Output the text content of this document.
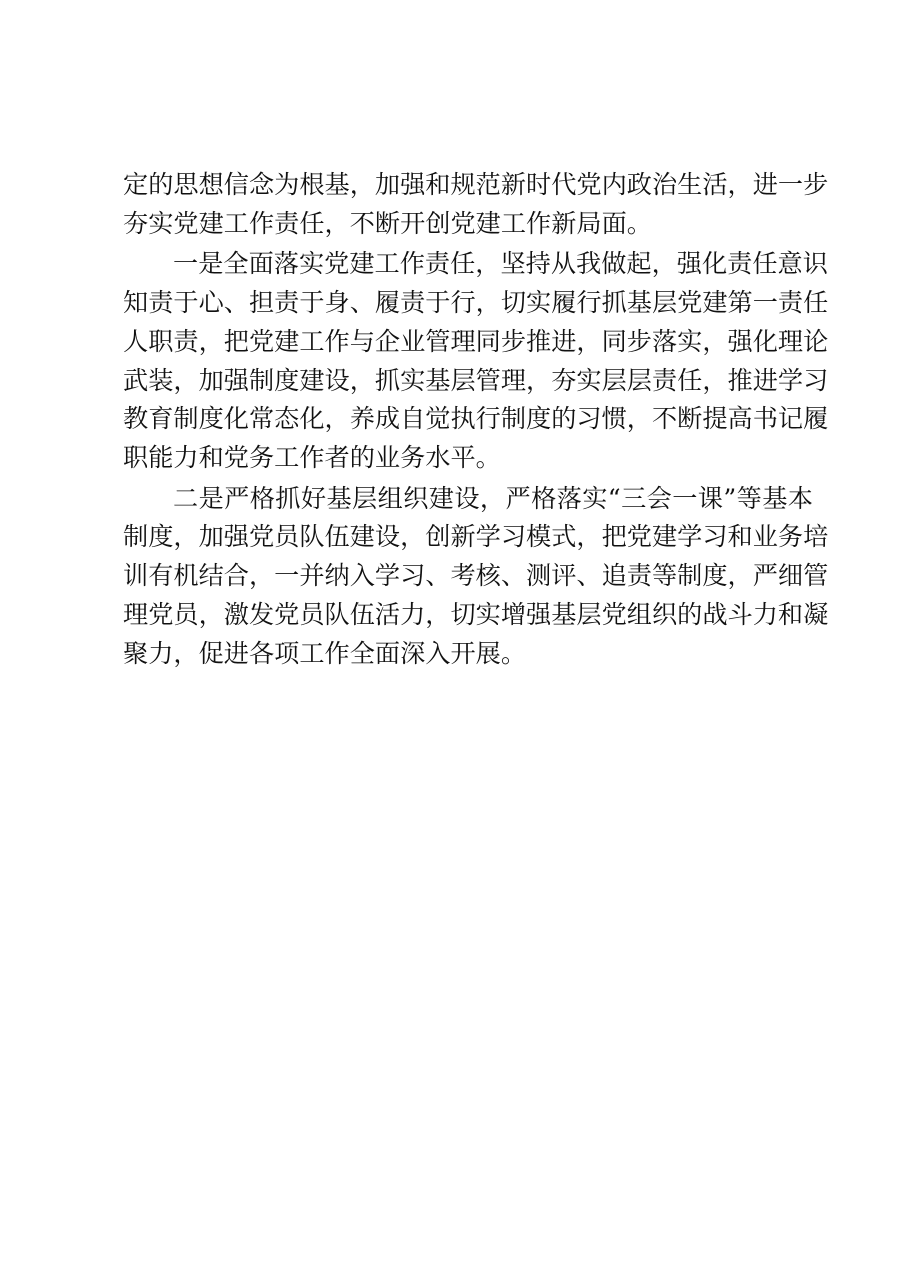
定的思想信念为根基，加强和规范新时代党内政治生活，进一步
夯实党建工作责任，不断开创党建工作新局面。
一是全面落实党建工作责任，坚持从我做起，强化责任意识
知责于心、担责于身、履责于行，切实履行抓基层党建第一责任
人职责，把党建工作与企业管理同步推进，同步落实，强化理论
武装，加强制度建设，抓实基层管理，夯实层层责任，推进学习
教育制度化常态化，养成自觉执行制度的习惯，不断提高书记履
职能力和党务工作者的业务水平。
二是严格抓好基层组织建设，严格落实“三会一课”等基本
制度，加强党员队伍建设，创新学习模式，把党建学习和业务培
训有机结合，一并纳入学习、考核、测评、追责等制度，严细管
理党员，激发党员队伍活力，切实增强基层党组织的战斗力和凝
聚力，促进各项工作全面深入开展。
